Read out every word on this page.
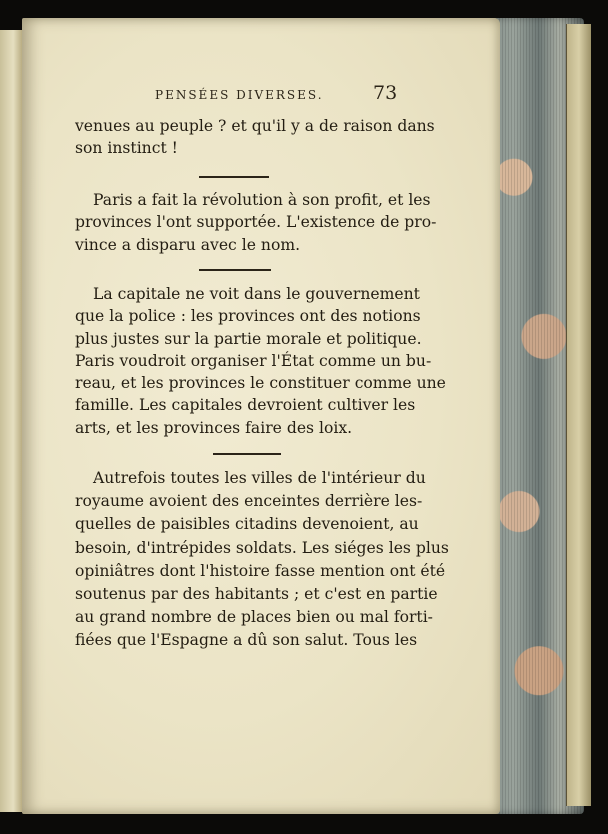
PENSÉES DIVERSES.	73
venues au peuple ? et qu'il y a de raison dans
son instinct !
Paris a fait la révolution à son profit, et les
provinces l'ont supportée. L'existence de pro-
vince a disparu avec le nom.
La capitale ne voit dans le gouvernement
que la police : les provinces ont des notions
plus justes sur la partie morale et politique.
Paris voudroit organiser l'État comme un bu-
reau, et les provinces le constituer comme une
famille. Les capitales devroient cultiver les
arts, et les provinces faire des loix.
Autrefois toutes les villes de l'intérieur du
royaume avoient des enceintes derrière les-
quelles de paisibles citadins devenoient, au
besoin, d'intrépides soldats. Les siéges les plus
opiniâtres dont l'histoire fasse mention ont été
soutenus par des habitants ; et c'est en partie
au grand nombre de places bien ou mal forti-
fiées que l'Espagne a dû son salut. Tous les
